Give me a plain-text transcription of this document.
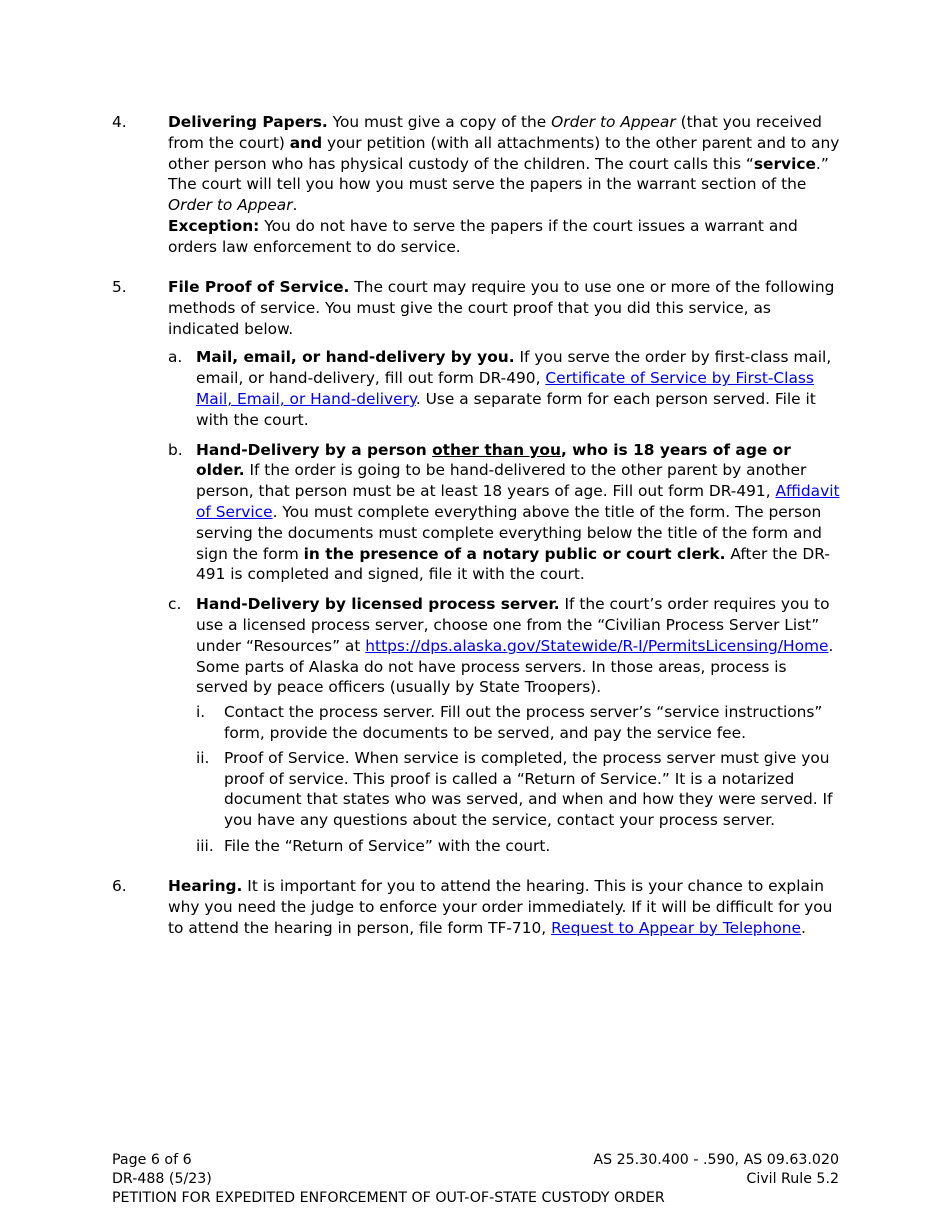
4.	Delivering Papers. You must give a copy of the Order to Appear (that you received from the court) and your petition (with all attachments) to the other parent and to any other person who has physical custody of the children. The court calls this “service.” The court will tell you how you must serve the papers in the warrant section of the Order to Appear.
Exception: You do not have to serve the papers if the court issues a warrant and orders law enforcement to do service.
5.	File Proof of Service. The court may require you to use one or more of the following methods of service. You must give the court proof that you did this service, as indicated below.
a. Mail, email, or hand-delivery by you. If you serve the order by first-class mail, email, or hand-delivery, fill out form DR-490, Certificate of Service by First-Class Mail, Email, or Hand-delivery. Use a separate form for each person served. File it with the court.
b. Hand-Delivery by a person other than you, who is 18 years of age or older. If the order is going to be hand-delivered to the other parent by another person, that person must be at least 18 years of age. Fill out form DR-491, Affidavit of Service. You must complete everything above the title of the form. The person serving the documents must complete everything below the title of the form and sign the form in the presence of a notary public or court clerk. After the DR-491 is completed and signed, file it with the court.
c. Hand-Delivery by licensed process server. If the court’s order requires you to use a licensed process server, choose one from the “Civilian Process Server List” under “Resources” at https://dps.alaska.gov/Statewide/R-I/PermitsLicensing/Home. Some parts of Alaska do not have process servers. In those areas, process is served by peace officers (usually by State Troopers).
i. Contact the process server. Fill out the process server’s “service instructions” form, provide the documents to be served, and pay the service fee.
ii. Proof of Service. When service is completed, the process server must give you proof of service. This proof is called a “Return of Service.” It is a notarized document that states who was served, and when and how they were served. If you have any questions about the service, contact your process server.
iii. File the “Return of Service” with the court.
6.	Hearing. It is important for you to attend the hearing. This is your chance to explain why you need the judge to enforce your order immediately. If it will be difficult for you to attend the hearing in person, file form TF-710, Request to Appear by Telephone.
Page 6 of 6	AS 25.30.400 - .590, AS 09.63.020
DR-488 (5/23)	Civil Rule 5.2
PETITION FOR EXPEDITED ENFORCEMENT OF OUT-OF-STATE CUSTODY ORDER
